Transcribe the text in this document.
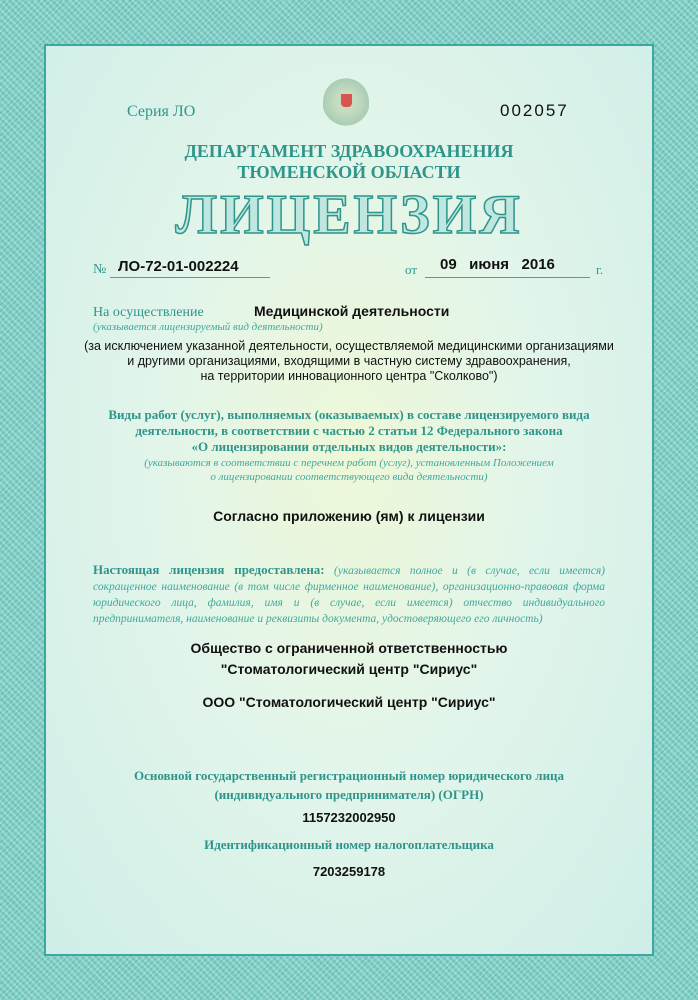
Серия ЛО	002057
ДЕПАРТАМЕНТ ЗДРАВООХРАНЕНИЯ
ТЮМЕНСКОЙ ОБЛАСТИ
ЛИЦЕНЗИЯ
№ ЛО-72-01-002224	от 09   июня   2016	г.
На осуществление	Медицинской деятельности
(указывается лицензируемый вид деятельности)
(за исключением указанной деятельности, осуществляемой медицинскими организациями
и другими организациями, входящими в частную систему здравоохранения,
на территории инновационного центра "Сколково")
Виды работ (услуг), выполняемых (оказываемых) в составе лицензируемого вида
деятельности, в соответствии с частью 2 статьи 12 Федерального закона
«О лицензировании отдельных видов деятельности»:
(указываются в соответствии с перечнем работ (услуг), установленным Положением
о лицензировании соответствующего вида деятельности)
Согласно приложению (ям) к лицензии
Настоящая лицензия предоставлена: (указывается полное и (в случае, если имеется) сокращенное наименование (в том числе фирменное наименование), организационно-правовая форма юридического лица, фамилия, имя и (в случае, если имеется) отчество индивидуального предпринимателя, наименование и реквизиты документа, удостоверяющего его личность)
Общество с ограниченной ответственностью
"Стоматологический центр "Сириус"
ООО "Стоматологический центр "Сириус"
Основной государственный регистрационный номер юридического лица
(индивидуального предпринимателя) (ОГРН)
1157232002950
Идентификационный номер налогоплательщика
7203259178
